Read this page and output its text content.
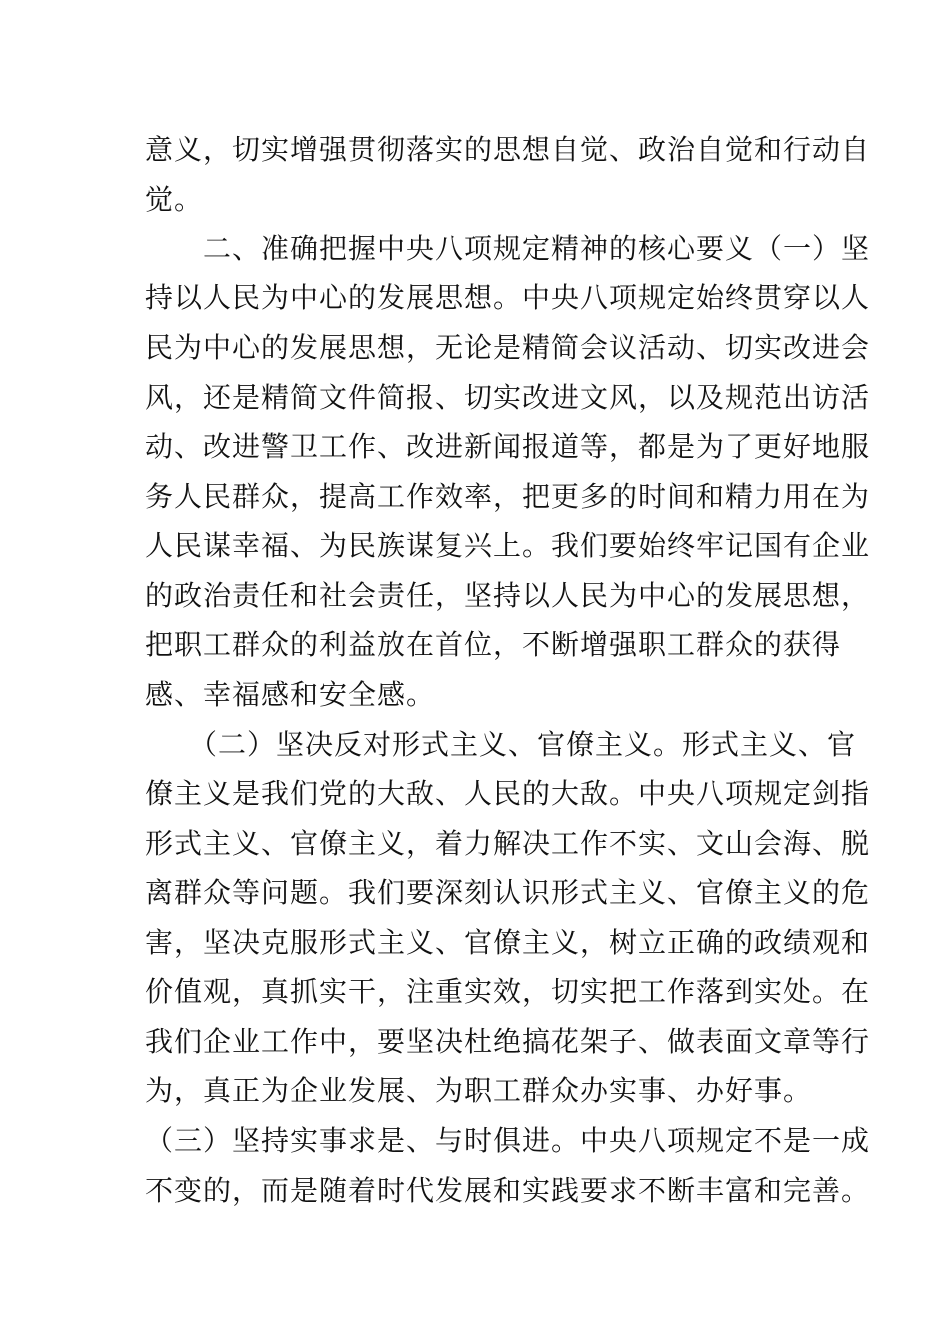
意义，切实增强贯彻落实的思想自觉、政治自觉和行动自
觉。
　　二、准确把握中央八项规定精神的核心要义（一）坚
持以人民为中心的发展思想。中央八项规定始终贯穿以人
民为中心的发展思想，无论是精简会议活动、切实改进会
风，还是精简文件简报、切实改进文风，以及规范出访活
动、改进警卫工作、改进新闻报道等，都是为了更好地服
务人民群众，提高工作效率，把更多的时间和精力用在为
人民谋幸福、为民族谋复兴上。我们要始终牢记国有企业
的政治责任和社会责任，坚持以人民为中心的发展思想，
把职工群众的利益放在首位，不断增强职工群众的获得
感、幸福感和安全感。
　　（二）坚决反对形式主义、官僚主义。形式主义、官
僚主义是我们党的大敌、人民的大敌。中央八项规定剑指
形式主义、官僚主义，着力解决工作不实、文山会海、脱
离群众等问题。我们要深刻认识形式主义、官僚主义的危
害，坚决克服形式主义、官僚主义，树立正确的政绩观和
价值观，真抓实干，注重实效，切实把工作落到实处。在
我们企业工作中，要坚决杜绝搞花架子、做表面文章等行
为，真正为企业发展、为职工群众办实事、办好事。
（三）坚持实事求是、与时俱进。中央八项规定不是一成
不变的，而是随着时代发展和实践要求不断丰富和完善。
